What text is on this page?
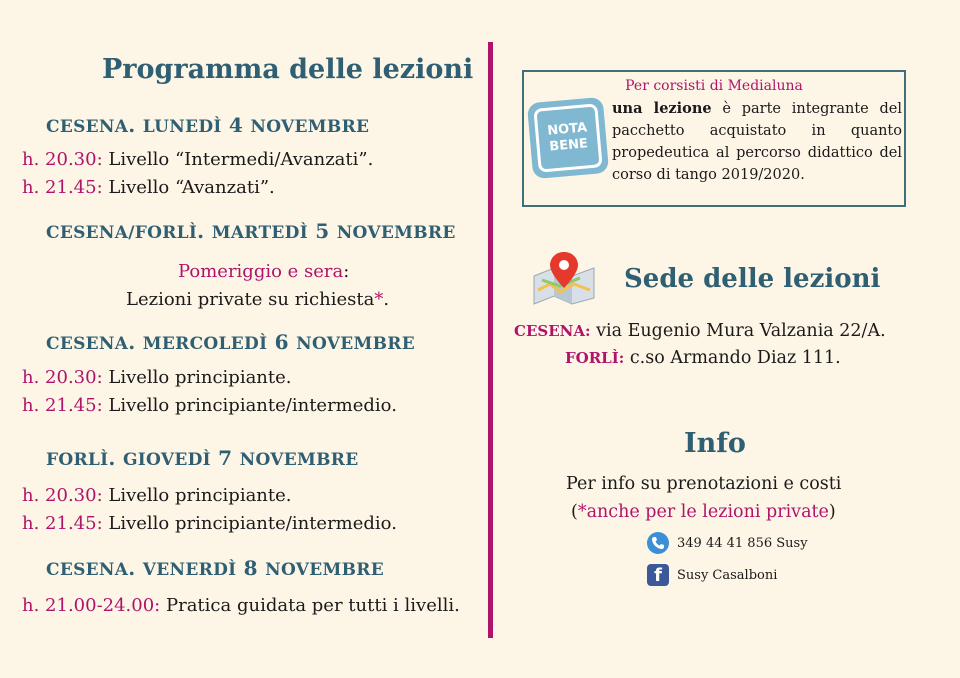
Programma delle lezioni
CESENA. LUNEDÌ 4 NOVEMBRE
h. 20.30: Livello “Intermedi/Avanzati”.
h. 21.45: Livello “Avanzati”.
CESENA/FORLÌ. MARTEDÌ 5 NOVEMBRE
Pomeriggio e sera:
Lezioni private su richiesta*.
CESENA. MERCOLEDÌ 6 NOVEMBRE
h. 20.30: Livello principiante.
h. 21.45: Livello principiante/intermedio.
FORLÌ. GIOVEDÌ 7 NOVEMBRE
h. 20.30: Livello principiante.
h. 21.45: Livello principiante/intermedio.
CESENA. VENERDÌ 8 NOVEMBRE
h. 21.00-24.00: Pratica guidata per tutti i livelli.
Per corsisti di Medialuna
NOTA
BENE
una lezione è parte integrante del pacchetto acquistato in quanto propedeutica al percorso didattico del corso di tango 2019/2020.
Sede delle lezioni
CESENA: via Eugenio Mura Valzania 22/A.
FORLÌ: c.so Armando Diaz 111.
Info
Per info su prenotazioni e costi
(*anche per le lezioni private)
349 44 41 856 Susy
f	Susy Casalboni
